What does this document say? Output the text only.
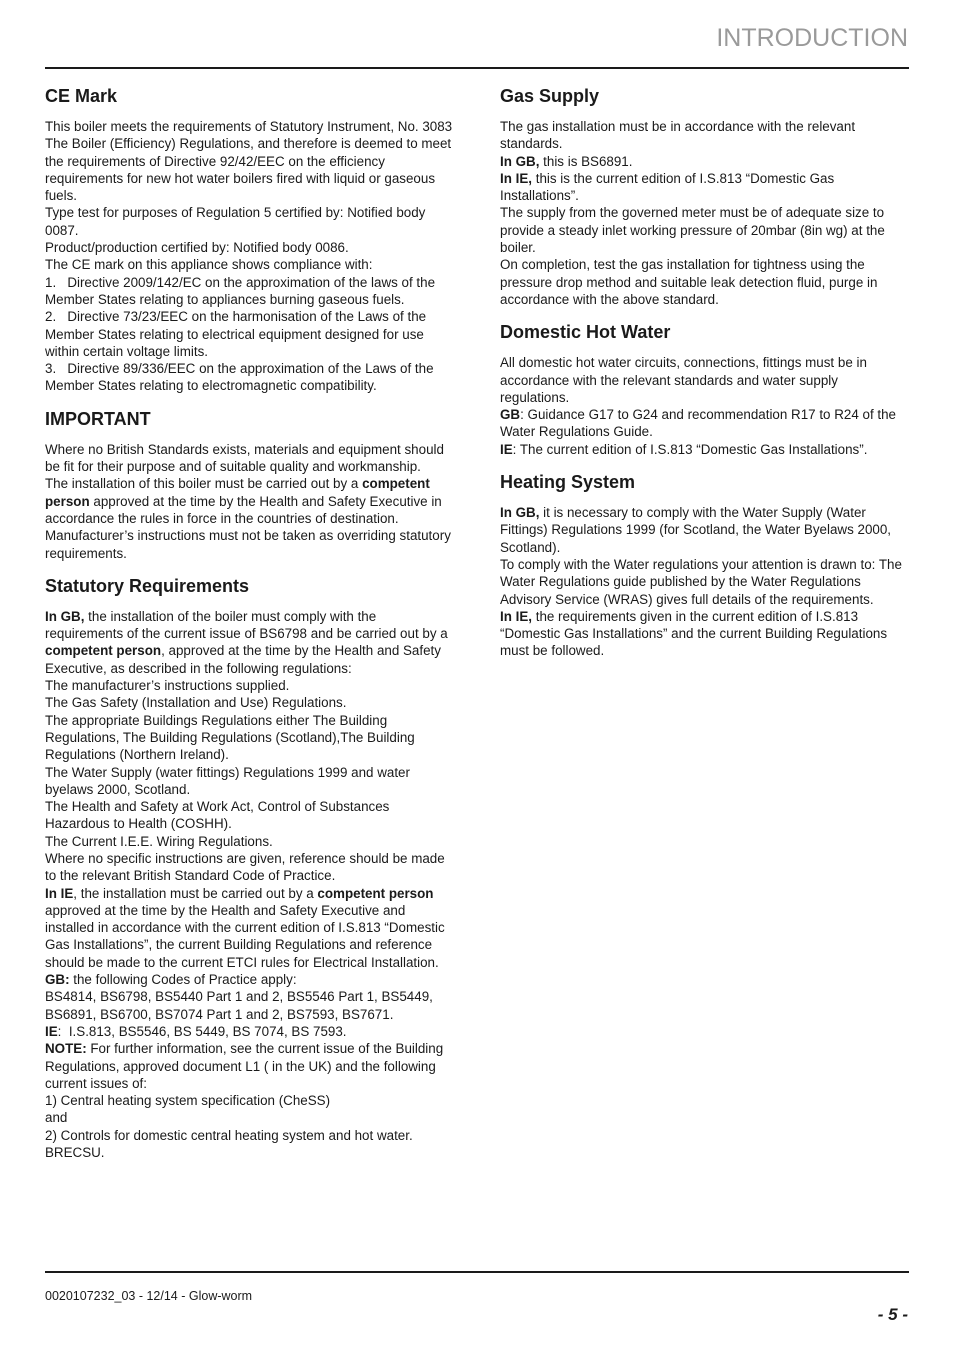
INTRODUCTION
CE Mark

This boiler meets the requirements of Statutory Instrument, No. 3083 The Boiler (Efficiency) Regulations, and therefore is deemed to meet the requirements of Directive 92/42/EEC on the efficiency requirements for new hot water boilers fired with liquid or gaseous fuels.

Type test for purposes of Regulation 5 certified by: Notified body 0087.

Product/production certified by: Notified body 0086.

The CE mark on this appliance shows compliance with:

1.   Directive 2009/142/EC on the approximation of the laws of the Member States relating to appliances burning gaseous fuels.

2.   Directive 73/23/EEC on the harmonisation of the Laws of the Member States relating to electrical equipment designed for use within certain voltage limits.

3.   Directive 89/336/EEC on the approximation of the Laws of the Member States relating to electromagnetic compatibility.

IMPORTANT

Where no British Standards exists, materials and equipment should be fit for their purpose and of suitable quality and workmanship.

The installation of this boiler must be carried out by a competent person approved at the time by the Health and Safety Executive in accordance the rules in force in the countries of destination.

Manufacturer’s instructions must not be taken as overriding statutory requirements.

Statutory Requirements

In GB, the installation of the boiler must comply with the requirements of the current issue of BS6798 and be carried out by a competent person, approved at the time by the Health and Safety Executive, as described in the following regulations:

The manufacturer’s instructions supplied.

The Gas Safety (Installation and Use) Regulations.

The appropriate Buildings Regulations either The Building Regulations, The Building Regulations (Scotland),The Building Regulations (Northern Ireland).

The Water Supply (water fittings) Regulations 1999 and water byelaws 2000, Scotland.

The Health and Safety at Work Act, Control of Substances Hazardous to Health (COSHH).

The Current I.E.E. Wiring Regulations.

Where no specific instructions are given, reference should be made to the relevant British Standard Code of Practice.

In IE, the installation must be carried out by a competent person approved at the time by the Health and Safety Executive and installed in accordance with the current edition of I.S.813 “Domestic Gas Installations”, the current Building Regulations and reference should be made to the current ETCI rules for Electrical Installation.

GB: the following Codes of Practice apply:

BS4814, BS6798, BS5440 Part 1 and 2, BS5546 Part 1, BS5449, BS6891, BS6700, BS7074 Part 1 and 2, BS7593, BS7671.

IE:  I.S.813, BS5546, BS 5449, BS 7074, BS 7593.

NOTE: For further information, see the current issue of the Building Regulations, approved document L1 ( in the UK) and the following current issues of:

1) Central heating system specification (CheSS)

and

2) Controls for domestic central heating system and hot water. BRECSU.

Gas Supply

The gas installation must be in accordance with the relevant standards.

In GB, this is BS6891.

In IE, this is the current edition of I.S.813 “Domestic Gas Installations”.

The supply from the governed meter must be of adequate size to provide a steady inlet working pressure of 20mbar (8in wg) at the boiler.

On completion, test the gas installation for tightness using the pressure drop method and suitable leak detection fluid, purge in accordance with the above standard.

Domestic Hot Water

All domestic hot water circuits, connections, fittings must be in accordance with the relevant standards and water supply regulations.

GB: Guidance G17 to G24 and recommendation R17 to R24 of the Water Regulations Guide.

IE: The current edition of I.S.813 “Domestic Gas Installations”.

Heating System

In GB, it is necessary to comply with the Water Supply (Water Fittings) Regulations 1999 (for Scotland, the Water Byelaws 2000, Scotland).

To comply with the Water regulations your attention is drawn to: The Water Regulations guide published by the Water Regulations Advisory Service (WRAS) gives full details of the requirements.

In IE, the requirements given in the current edition of I.S.813 “Domestic Gas Installations” and the current Building Regulations must be followed.

0020107232_03 - 12/14 - Glow-worm
- 5 -
